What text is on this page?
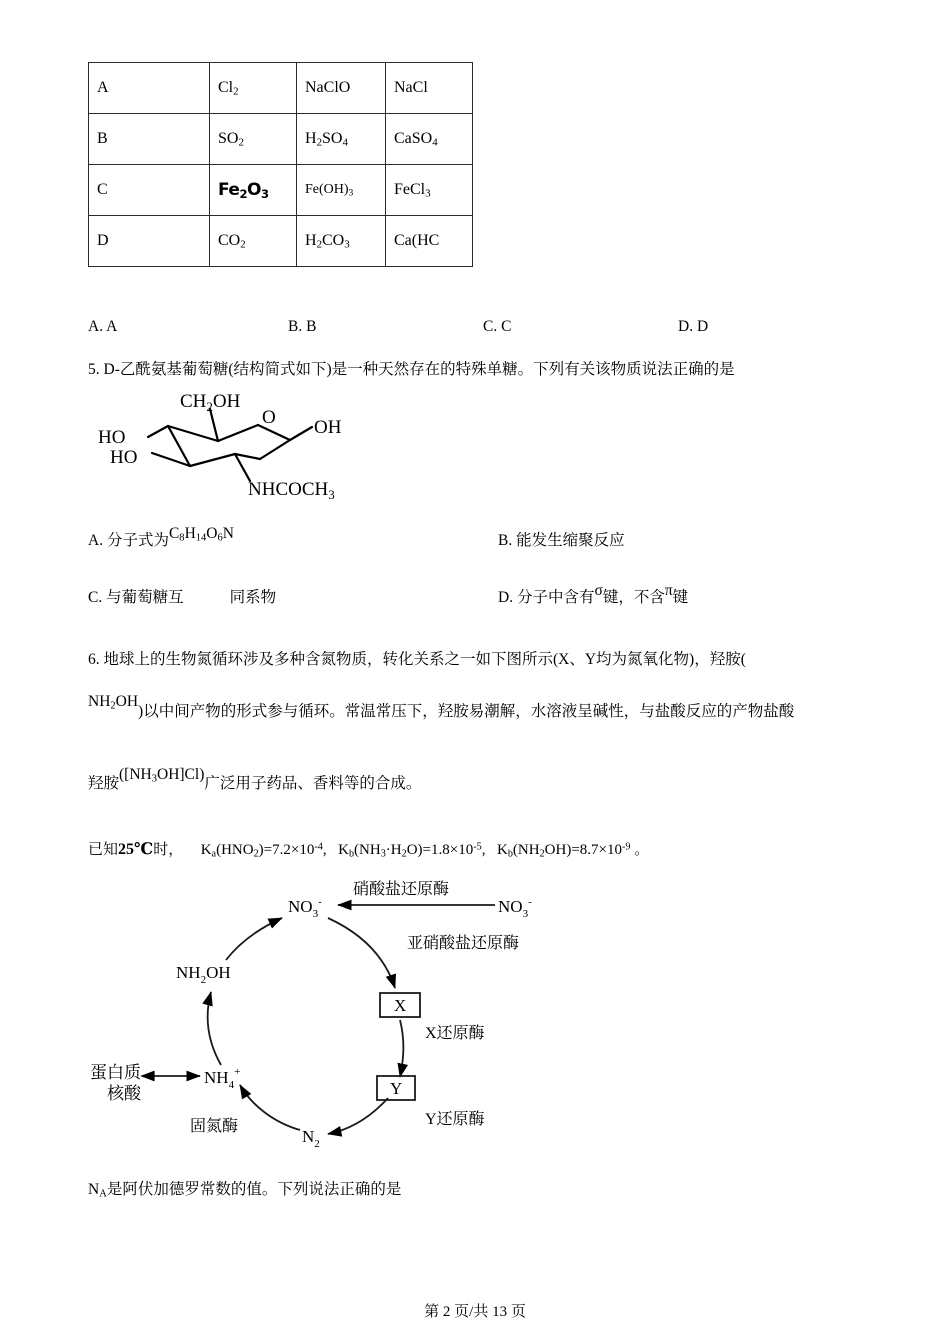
A	$Cl_2$	NaClO	NaCl
B	$SO_2$	$H_2SO_4$	CaSO$_4$
C	$Fe_2O_3$	$Fe(OH)_3$	FeCl$_3$
D	$CO_2$	$H_2CO_3$	Ca(HC
A. A	B. B	C. C	D. D
5. D-乙酰氨基葡萄糖(结构简式如下)是一种天然存在的特殊单糖。下列有关该物质说法正确的是
$CH_2OH$
O
HO
HO
OH
$NHCOCH_3$
A. 分子式为$C_8H_{14}O_6N$	B. 能发生缩聚反应
C. 与葡萄糖互	同系物	D. 分子中含有σ键，不含π键
6. 地球上的生物氮循环涉及多种含氮物质，转化关系之一如下图所示(X、Y均为氮氧化物)，羟胺(
$NH_2OH$)以中间产物的形式参与循环。常温常压下，羟胺易潮解，水溶液呈碱性，与盐酸反应的产物盐酸
羟胺$([NH_3OH]Cl)$广泛用子药品、香料等的合成。
已知25℃时， $K_a(HNO_2)=7.2\times 10^{-4}$,  $K_b(NH_3\cdot H_2O)=1.8\times 10^{-5}$,  $K_b(NH_2OH)=8.7\times 10^{-9}$ 。
$NO_3^-$	$NO_3^-$
$NH_2OH$
$NH_4^+$
$N_2$
蛋白质
核酸
X
Y
硝酸盐还原酶
亚硝酸盐还原酶
X还原酶
Y还原酶
固氮酶
$N_A$是阿伏加德罗常数的值。下列说法正确的是
第 2 页/共 13 页
